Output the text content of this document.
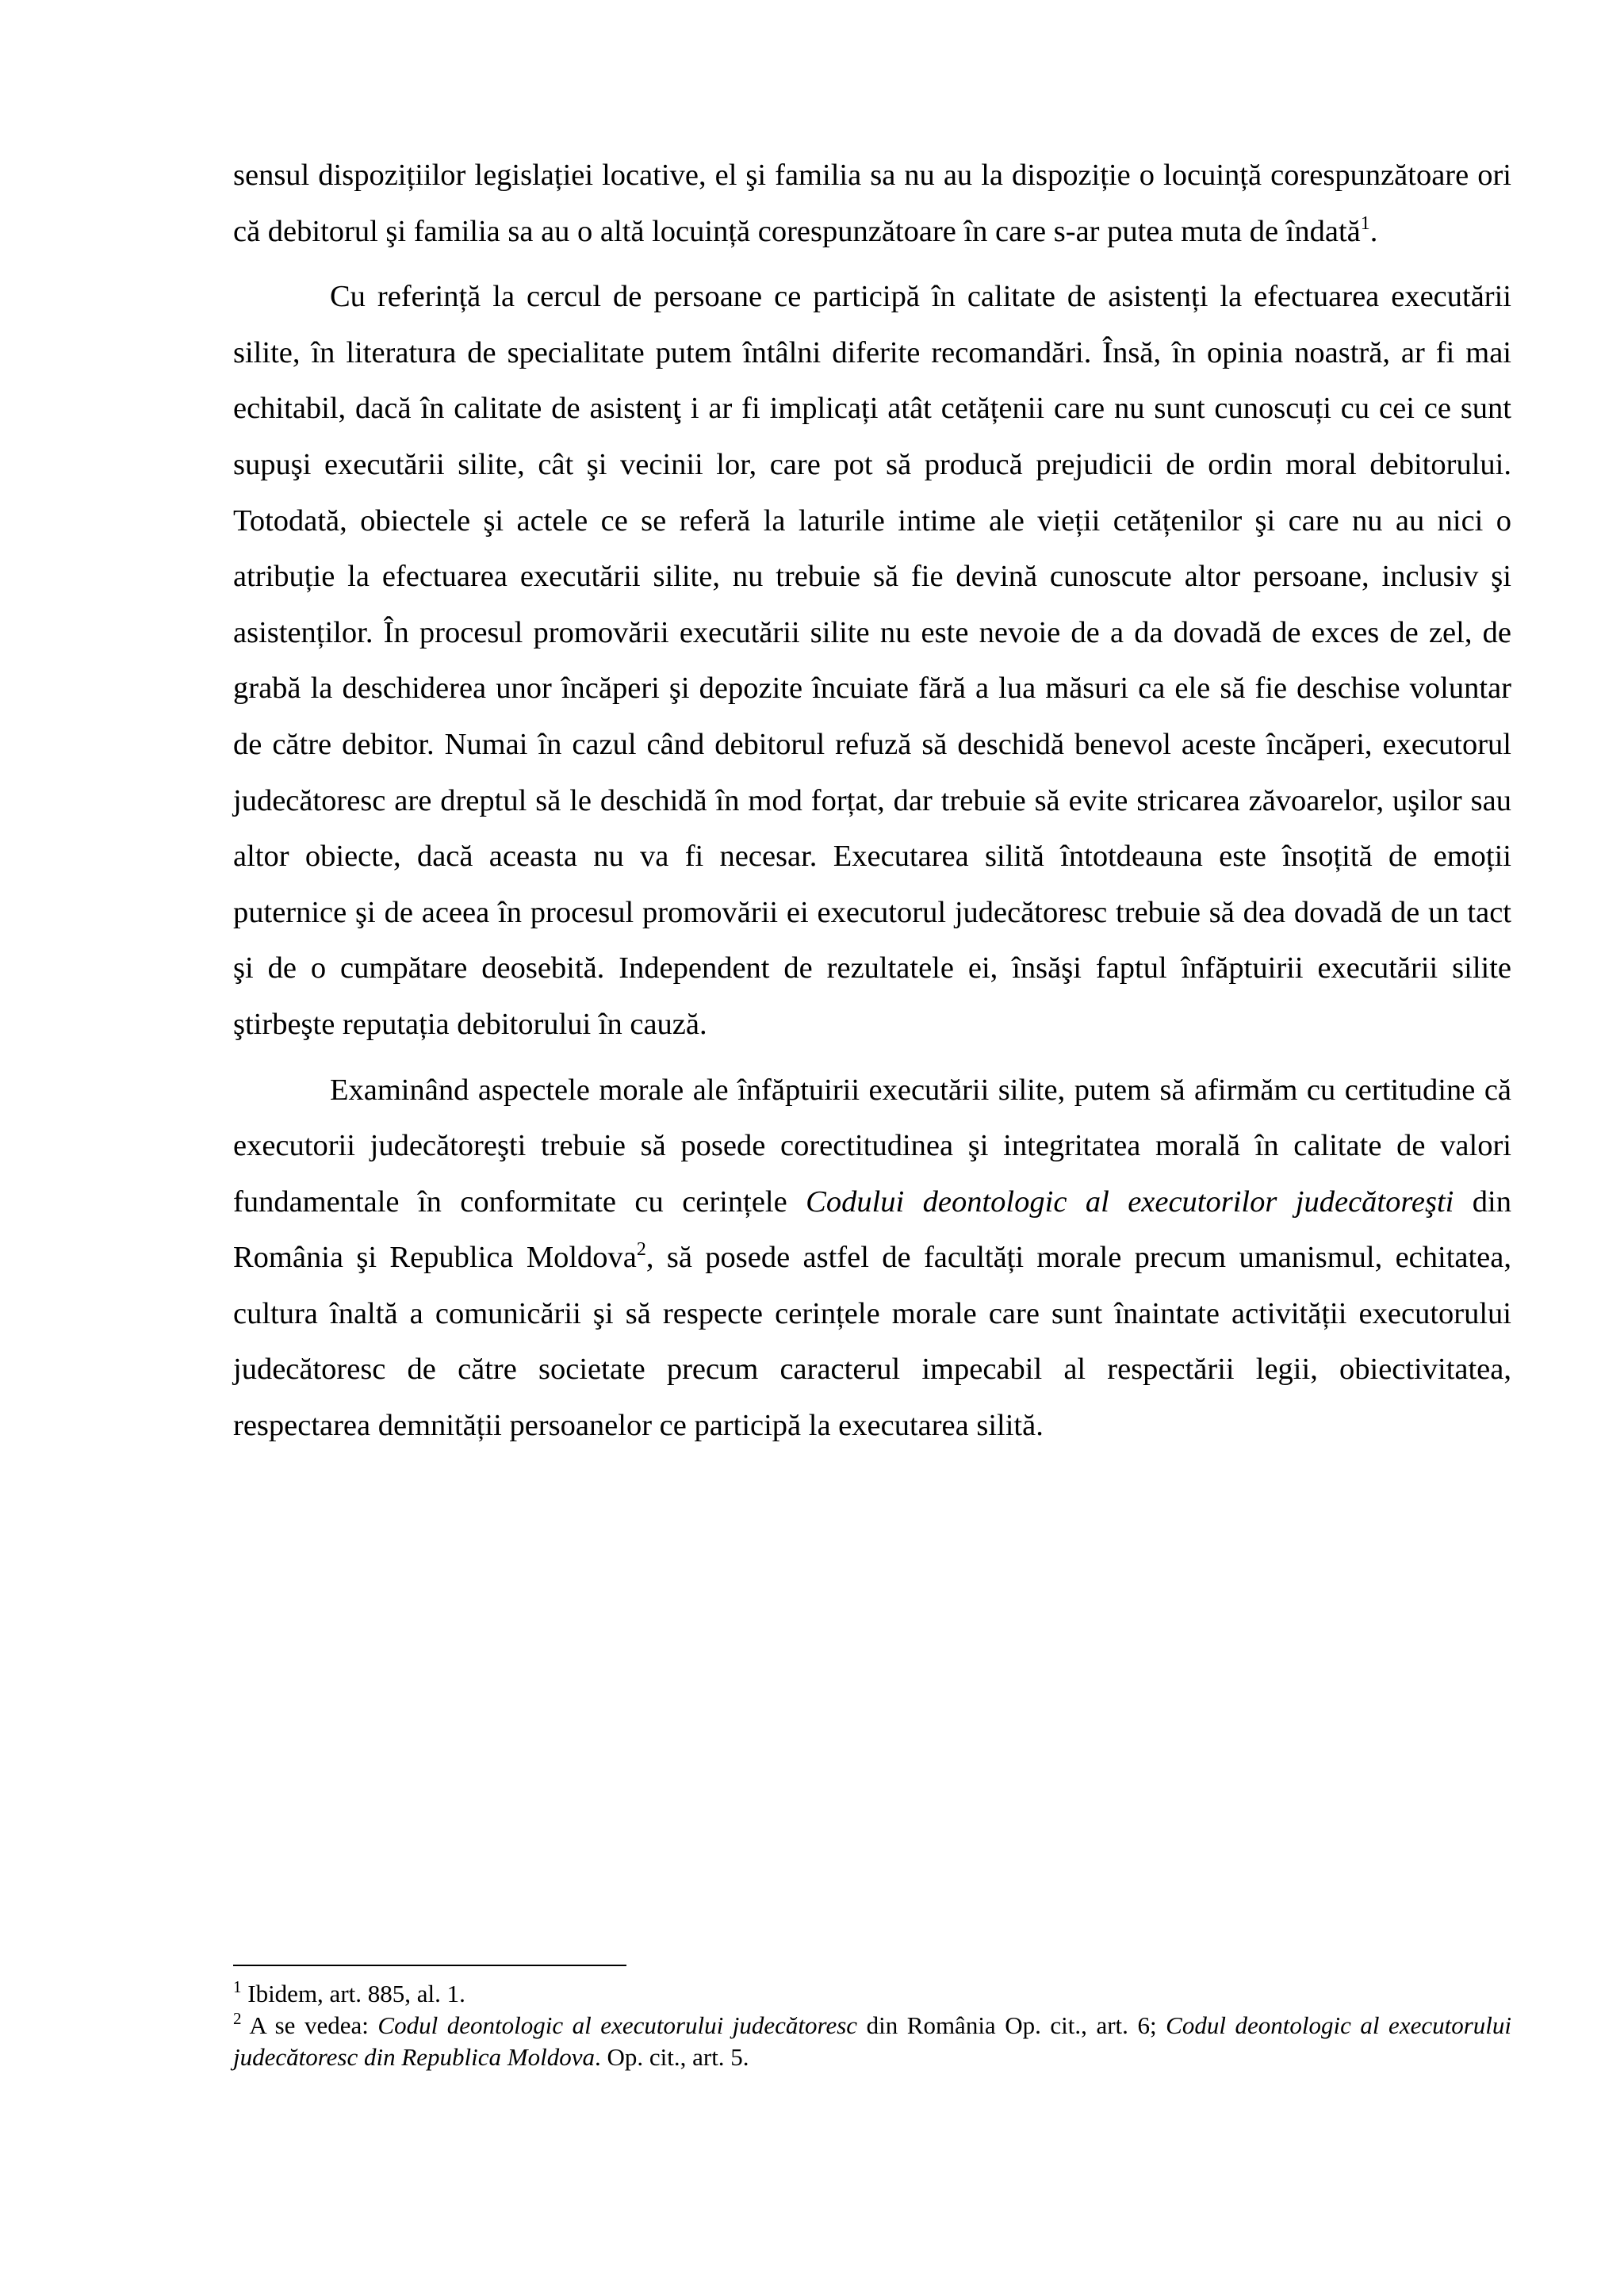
sensul dispozițiilor legislației locative, el şi familia sa nu au la dispoziție o locuință corespunzătoare ori că debitorul şi familia sa au o altă locuință corespunzătoare în care s-ar putea muta de îndată$^1$.

Cu referință la cercul de persoane ce participă în calitate de asistenți la efectuarea executării silite, în literatura de specialitate putem întâlni diferite recomandări. Însă, în opinia noastră, ar fi mai echitabil, dacă în calitate de asistenţ i ar fi implicați atât cetățenii care nu sunt cunoscuți cu cei ce sunt supuşi executării silite, cât şi vecinii lor, care pot să producă prejudicii de ordin moral debitorului. Totodată, obiectele şi actele ce se referă la laturile intime ale vieții cetățenilor şi care nu au nici o atribuție la efectuarea executării silite, nu trebuie să fie devină cunoscute altor persoane, inclusiv şi asistenților. În procesul promovării executării silite nu este nevoie de a da dovadă de exces de zel, de grabă la deschiderea unor încăperi şi depozite încuiate fără a lua măsuri ca ele să fie deschise voluntar de către debitor. Numai în cazul când debitorul refuză să deschidă benevol aceste încăperi, executorul judecătoresc are dreptul să le deschidă în mod forțat, dar trebuie să evite stricarea zăvoarelor, uşilor sau altor obiecte, dacă aceasta nu va fi necesar. Executarea silită întotdeauna este însoțită de emoții puternice şi de aceea în procesul promovării ei executorul judecătoresc trebuie să dea dovadă de un tact şi de o cumpătare deosebită. Independent de rezultatele ei, însăşi faptul înfăptuirii executării silite ştirbeşte reputația debitorului în cauză.

Examinând aspectele morale ale înfăptuirii executării silite, putem să afirmăm cu certitudine că executorii judecătoreşti trebuie să posede corectitudinea şi integritatea morală în calitate de valori fundamentale în conformitate cu cerințele Codului deontologic al executorilor judecătoreşti din România şi Republica Moldova$^2$, să posede astfel de facultăți morale precum umanismul, echitatea, cultura înaltă a comunicării şi să respecte cerințele morale care sunt înaintate activității executorului judecătoresc de către societate precum caracterul impecabil al respectării legii, obiectivitatea, respectarea demnității persoanelor ce participă la executarea silită.

$^1$ Ibidem, art. 885, al. 1.

$^2$ A se vedea: Codul deontologic al executorului judecătoresc din România Op. cit., art. 6; Codul deontologic al executorului judecătoresc din Republica Moldova. Op. cit., art. 5.
